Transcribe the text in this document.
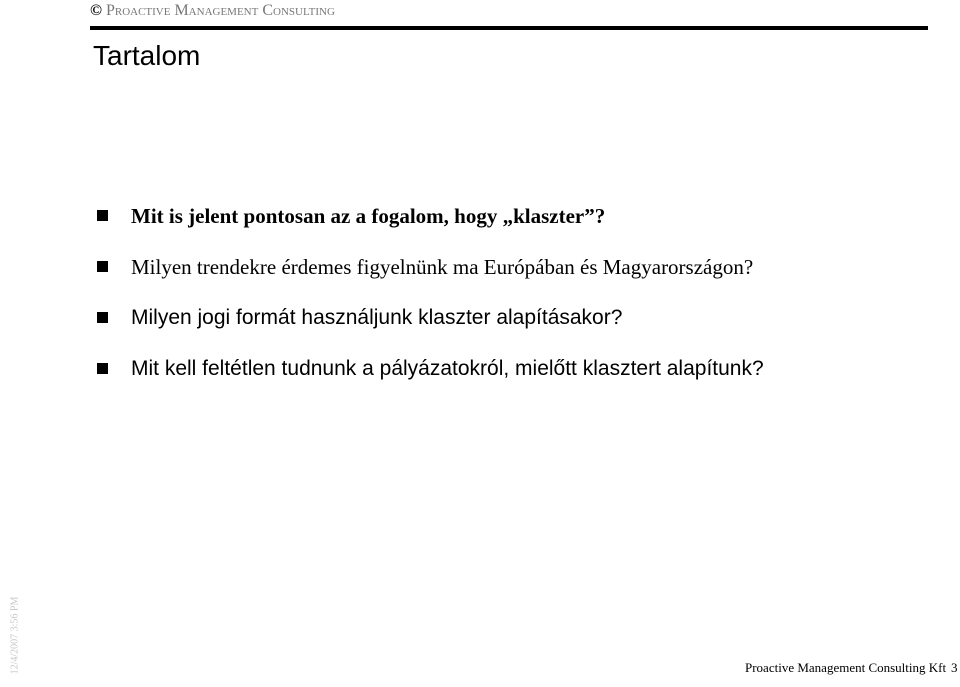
© Proactive Management Consulting
Tartalom
Mit is jelent pontosan az a fogalom, hogy „klaszter”?
Milyen trendekre érdemes figyelnünk ma Európában és Magyarországon?
Milyen jogi formát használjunk klaszter alapításakor?
Mit kell feltétlen tudnunk a pályázatokról, mielőtt klasztert alapítunk?
12/4/2007 3:56 PM	Proactive Management Consulting Kft 3
